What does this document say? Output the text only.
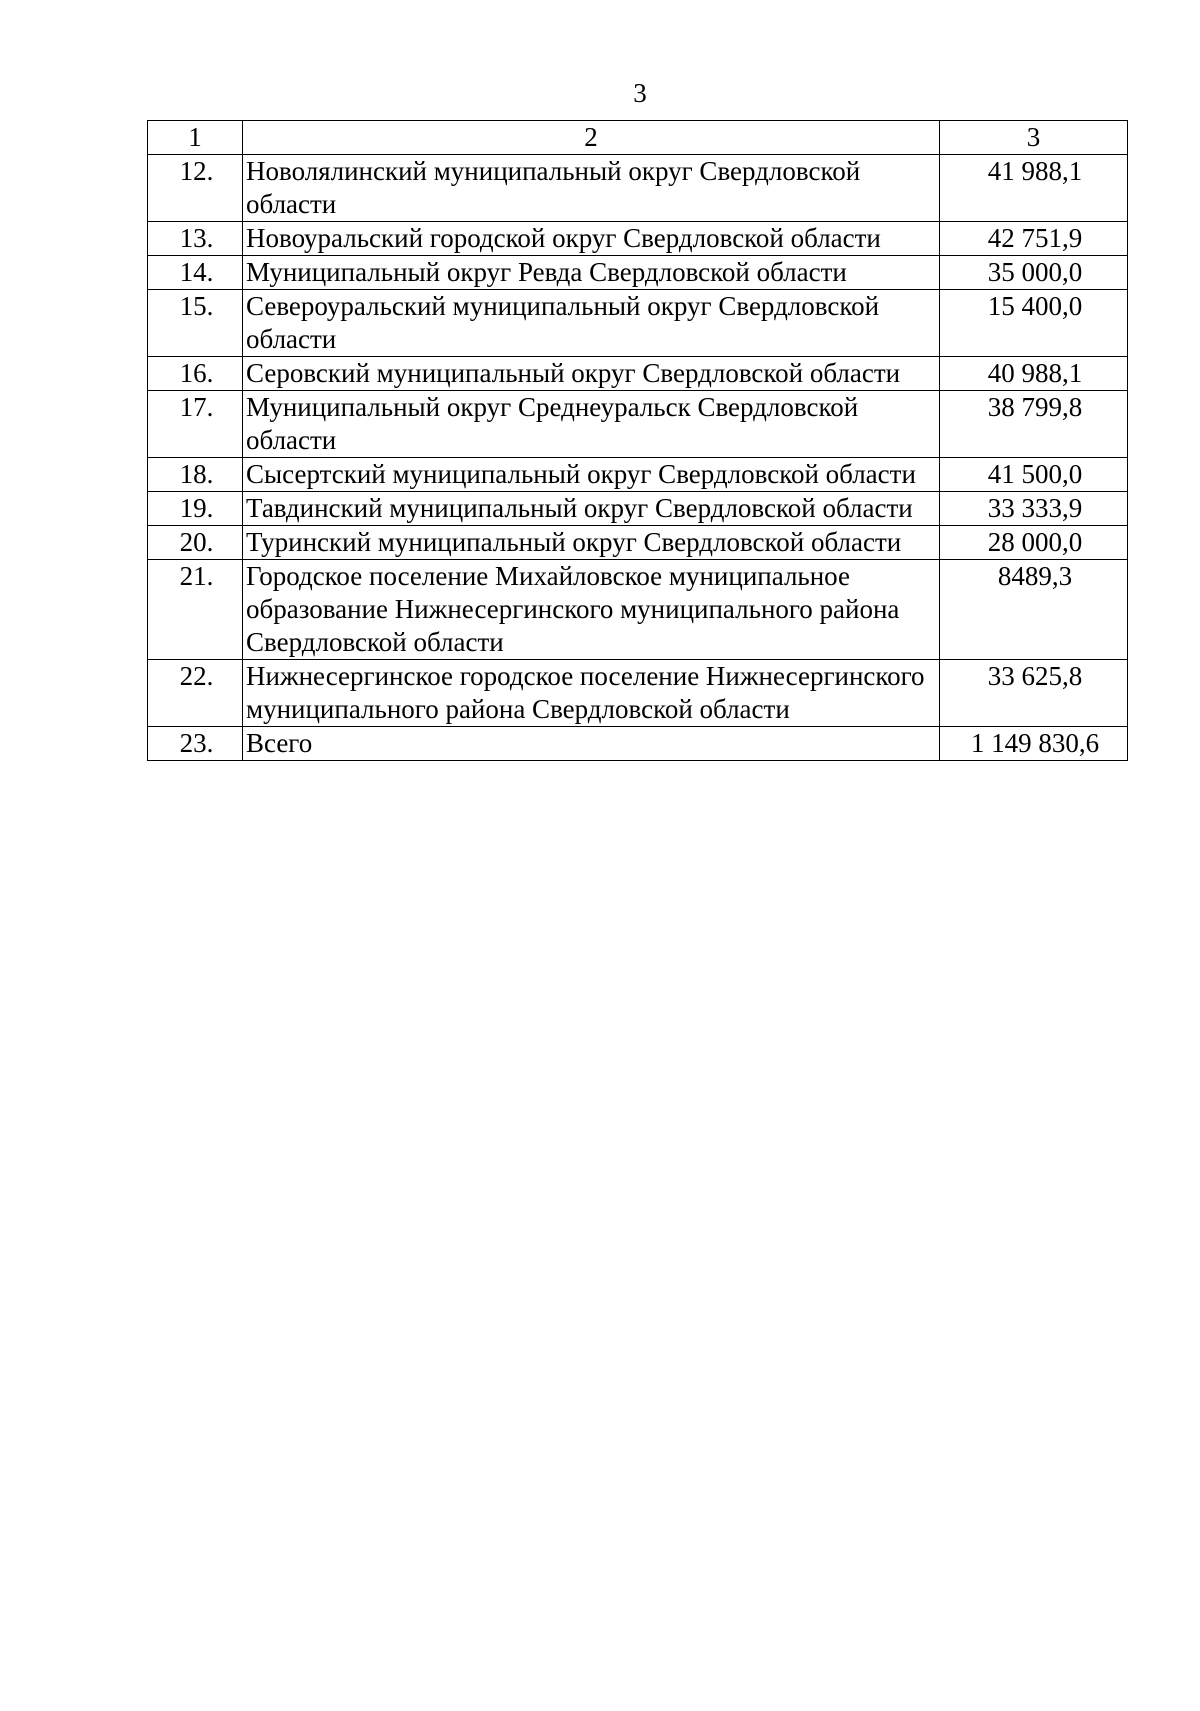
3
1	2	3
12.	Новолялинский муниципальный округ Свердловской области	41 988,1
13.	Новоуральский городской округ Свердловской области	42 751,9
14.	Муниципальный округ Ревда Свердловской области	35 000,0
15.	Североуральский муниципальный округ Свердловской области	15 400,0
16.	Серовский муниципальный округ Свердловской области	40 988,1
17.	Муниципальный округ Среднеуральск Свердловской области	38 799,8
18.	Сысертский муниципальный округ Свердловской области	41 500,0
19.	Тавдинский муниципальный округ Свердловской области	33 333,9
20.	Туринский муниципальный округ Свердловской области	28 000,0
21.	Городское поселение Михайловское муниципальное образование Нижнесергинского муниципального района Свердловской области	8489,3
22.	Нижнесергинское городское поселение Нижнесергинского муниципального района Свердловской области	33 625,8
23.	Всего	1 149 830,6
